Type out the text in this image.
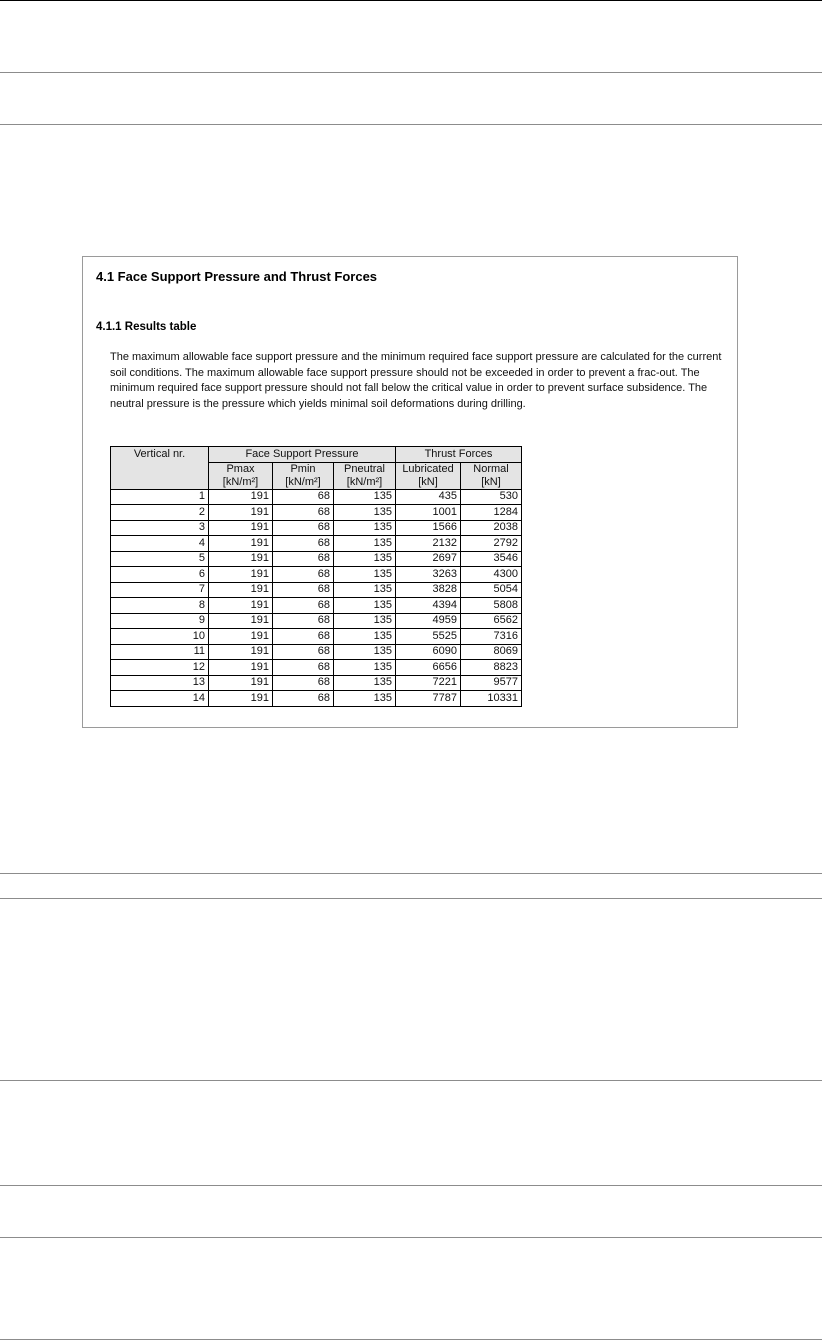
4.1 Face Support Pressure and Thrust Forces
4.1.1 Results table

The maximum allowable face support pressure and the minimum required face support pressure are calculated for the current soil conditions. The maximum allowable face support pressure should not be exceeded in order to prevent a frac-out. The minimum required face support pressure should not fall below the critical value in order to prevent surface subsidence. The neutral pressure is the pressure which yields minimal soil deformations during drilling.

Vertical nr.	Face Support Pressure			Thrust Forces	
	Pmax	Pmin	Pneutral	Lubricated	Normal
	[kN/m²]	[kN/m²]	[kN/m²]	[kN]	[kN]
1	191	68	135	435	530
2	191	68	135	1001	1284
3	191	68	135	1566	2038
4	191	68	135	2132	2792
5	191	68	135	2697	3546
6	191	68	135	3263	4300
7	191	68	135	3828	5054
8	191	68	135	4394	5808
9	191	68	135	4959	6562
10	191	68	135	5525	7316
11	191	68	135	6090	8069
12	191	68	135	6656	8823
13	191	68	135	7221	9577
14	191	68	135	7787	10331
